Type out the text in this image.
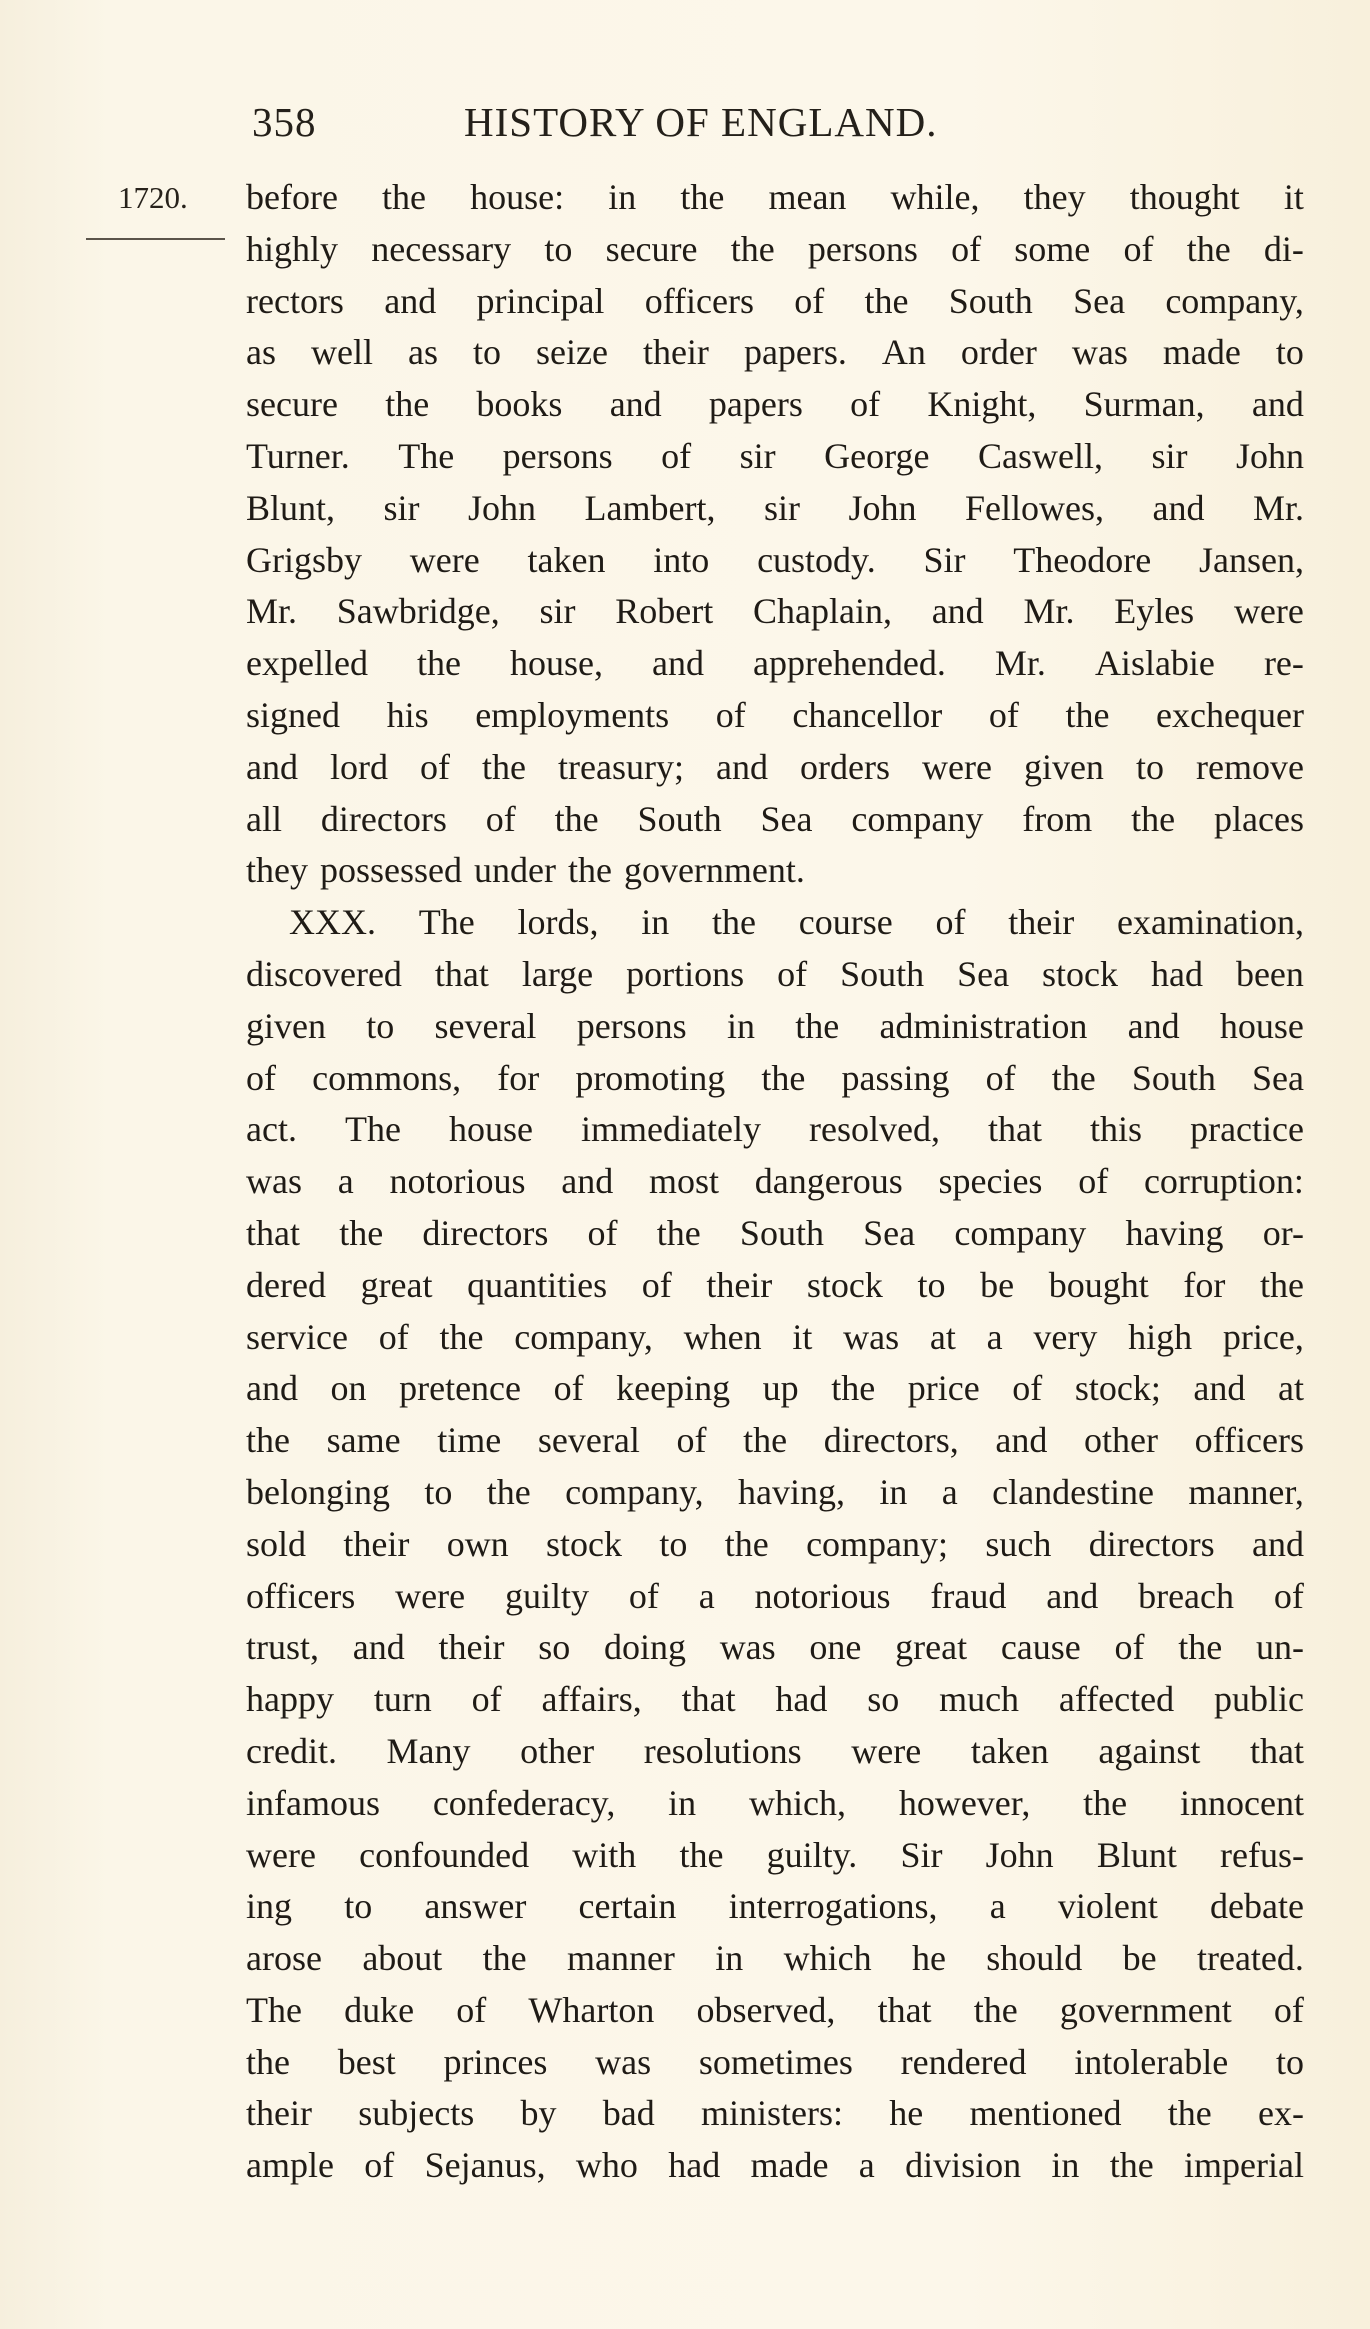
358	HISTORY OF ENGLAND.
1720. before the house: in the mean while, they thought it
highly necessary to secure the persons of some of the di-
rectors and principal officers of the South Sea company,
as well as to seize their papers. An order was made to
secure the books and papers of Knight, Surman, and
Turner. The persons of sir George Caswell, sir John
Blunt, sir John Lambert, sir John Fellowes, and Mr.
Grigsby were taken into custody. Sir Theodore Jansen,
Mr. Sawbridge, sir Robert Chaplain, and Mr. Eyles were
expelled the house, and apprehended. Mr. Aislabie re-
signed his employments of chancellor of the exchequer
and lord of the treasury; and orders were given to remove
all directors of the South Sea company from the places
they possessed under the government.
XXX. The lords, in the course of their examination,
discovered that large portions of South Sea stock had been
given to several persons in the administration and house
of commons, for promoting the passing of the South Sea
act. The house immediately resolved, that this practice
was a notorious and most dangerous species of corruption:
that the directors of the South Sea company having or-
dered great quantities of their stock to be bought for the
service of the company, when it was at a very high price,
and on pretence of keeping up the price of stock; and at
the same time several of the directors, and other officers
belonging to the company, having, in a clandestine manner,
sold their own stock to the company; such directors and
officers were guilty of a notorious fraud and breach of
trust, and their so doing was one great cause of the un-
happy turn of affairs, that had so much affected public
credit. Many other resolutions were taken against that
infamous confederacy, in which, however, the innocent
were confounded with the guilty. Sir John Blunt refus-
ing to answer certain interrogations, a violent debate
arose about the manner in which he should be treated.
The duke of Wharton observed, that the government of
the best princes was sometimes rendered intolerable to
their subjects by bad ministers: he mentioned the ex-
ample of Sejanus, who had made a division in the imperial
